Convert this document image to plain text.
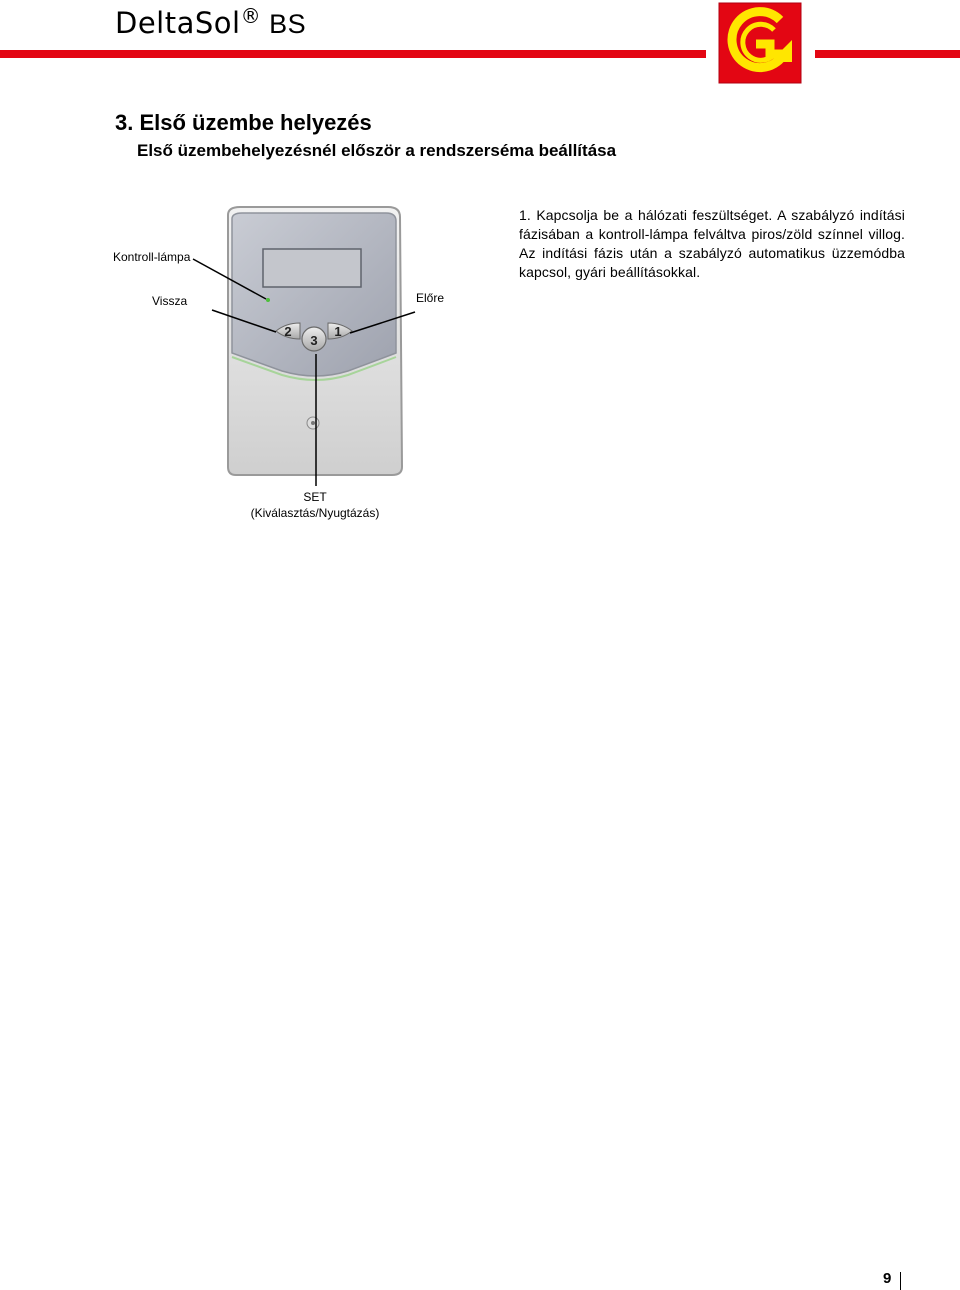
DeltaSol® BS
3. Első üzembe helyezés
Első üzembehelyezésnél először a rendszerséma beállítása
1. Kapcsolja be a hálózati feszültséget. A szabályzó indítási fázisában a kontroll-lámpa felváltva piros/zöld színnel villog. Az indítási fázis után a szabályzó automatikus üzzemódba kapcsol, gyári beállításokkal.
2	1
3
Kontroll-lámpa
Vissza	Előre
SET
(Kiválasztás/Nyugtázás)
9
